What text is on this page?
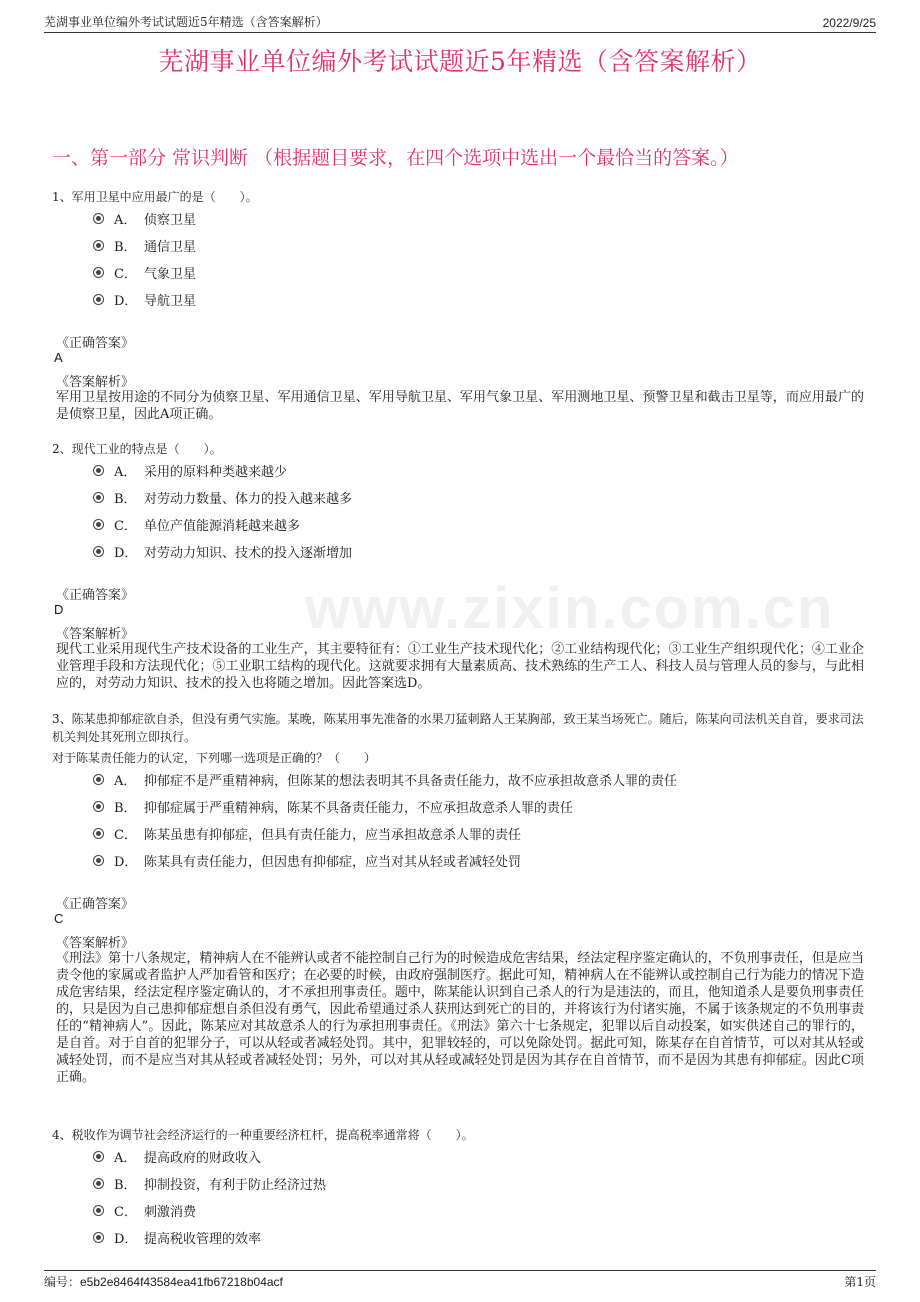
芜湖事业单位编外考试试题近5年精选（含答案解析）	2022/9/25
芜湖事业单位编外考试试题近5年精选（含答案解析）
www.zixin.com.cn
一、第一部分 常识判断 （根据题目要求，在四个选项中选出一个最恰当的答案。）
1、军用卫星中应用最广的是（　　）。
A． 侦察卫星
B． 通信卫星
C． 气象卫星
D． 导航卫星
《正确答案》
A
《答案解析》
军用卫星按用途的不同分为侦察卫星、军用通信卫星、军用导航卫星、军用气象卫星、军用测地卫星、预警卫星和截击卫星等，而应用最广的是侦察卫星，因此A项正确。
2、现代工业的特点是（　　）。
A． 采用的原料种类越来越少
B． 对劳动力数量、体力的投入越来越多
C． 单位产值能源消耗越来越多
D． 对劳动力知识、技术的投入逐渐增加
《正确答案》
D
《答案解析》
现代工业采用现代生产技术设备的工业生产，其主要特征有：①工业生产技术现代化；②工业结构现代化；③工业生产组织现代化；④工业企业管理手段和方法现代化；⑤工业职工结构的现代化。这就要求拥有大量素质高、技术熟练的生产工人、科技人员与管理人员的参与，与此相应的，对劳动力知识、技术的投入也将随之增加。因此答案选D。
3、陈某患抑郁症欲自杀，但没有勇气实施。某晚，陈某用事先准备的水果刀猛刺路人王某胸部，致王某当场死亡。随后，陈某向司法机关自首，要求司法机关判处其死刑立即执行。
对于陈某责任能力的认定，下列哪一选项是正确的？（　　）
A． 抑郁症不是严重精神病，但陈某的想法表明其不具备责任能力，故不应承担故意杀人罪的责任
B． 抑郁症属于严重精神病，陈某不具备责任能力，不应承担故意杀人罪的责任
C． 陈某虽患有抑郁症，但具有责任能力，应当承担故意杀人罪的责任
D． 陈某具有责任能力，但因患有抑郁症，应当对其从轻或者减轻处罚
《正确答案》
C
《答案解析》
《刑法》第十八条规定，精神病人在不能辨认或者不能控制自己行为的时候造成危害结果，经法定程序鉴定确认的，不负刑事责任，但是应当责令他的家属或者监护人严加看管和医疗；在必要的时候，由政府强制医疗。据此可知，精神病人在不能辨认或控制自己行为能力的情况下造成危害结果，经法定程序鉴定确认的，才不承担刑事责任。题中，陈某能认识到自己杀人的行为是违法的，而且，他知道杀人是要负刑事责任的，只是因为自己患抑郁症想自杀但没有勇气，因此希望通过杀人获刑达到死亡的目的，并将该行为付诸实施，不属于该条规定的不负刑事责任的“精神病人”。因此，陈某应对其故意杀人的行为承担刑事责任。《刑法》第六十七条规定，犯罪以后自动投案，如实供述自己的罪行的，是自首。对于自首的犯罪分子，可以从轻或者减轻处罚。其中，犯罪较轻的，可以免除处罚。据此可知，陈某存在自首情节，可以对其从轻或减轻处罚，而不是应当对其从轻或者减轻处罚；另外，可以对其从轻或减轻处罚是因为其存在自首情节，而不是因为其患有抑郁症。因此C项正确。
4、税收作为调节社会经济运行的一种重要经济杠杆，提高税率通常将（　　）。
A． 提高政府的财政收入
B． 抑制投资，有利于防止经济过热
C． 刺激消费
D． 提高税收管理的效率
编号：e5b2e8464f43584ea41fb67218b04acf	第1页
